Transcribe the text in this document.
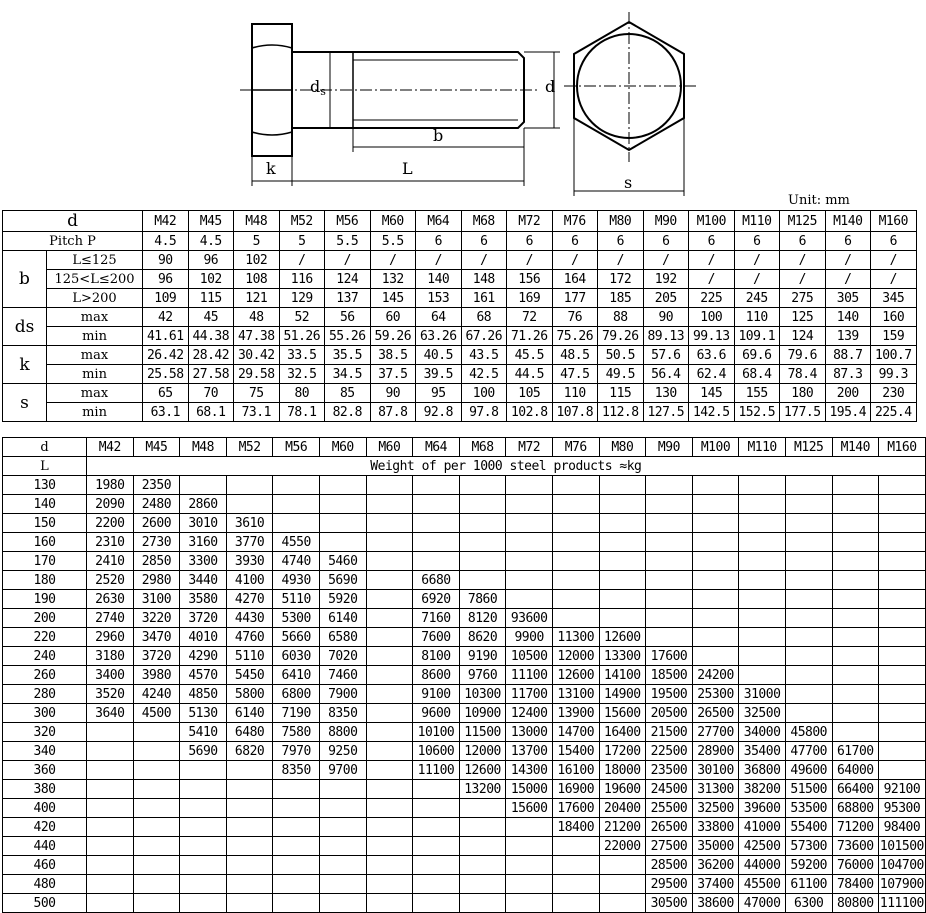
ds	d
b
k	L
s
Unit: mm
d		M42	M45	M48	M52	M56	M60	M64	M68	M72	M76	M80	M90	M100	M110	M125	M140	M160
Pitch P		4.5	4.5	5	5	5.5	5.5	6	6	6	6	6	6	6	6	6	6	6
b	L≤125	90	96	102	/	/	/	/	/	/	/	/	/	/	/	/	/	/
	125<L≤200	96	102	108	116	124	132	140	148	156	164	172	192	/	/	/	/	/
	L>200	109	115	121	129	137	145	153	161	169	177	185	205	225	245	275	305	345
ds	max	42	45	48	52	56	60	64	68	72	76	88	90	100	110	125	140	160
	min	41.61	44.38	47.38	51.26	55.26	59.26	63.26	67.26	71.26	75.26	79.26	89.13	99.13	109.1	124	139	159
k	max	26.42	28.42	30.42	33.5	35.5	38.5	40.5	43.5	45.5	48.5	50.5	57.6	63.6	69.6	79.6	88.7	100.7
	min	25.58	27.58	29.58	32.5	34.5	37.5	39.5	42.5	44.5	47.5	49.5	56.4	62.4	68.4	78.4	87.3	99.3
s	max	65	70	75	80	85	90	95	100	105	110	115	130	145	155	180	200	230
	min	63.1	68.1	73.1	78.1	82.8	87.8	92.8	97.8	102.8	107.8	112.8	127.5	142.5	152.5	177.5	195.4	225.4
d	M42	M45	M48	M52	M56	M60	M60	M64	M68	M72	M76	M80	M90	M100	M110	M125	M140	M160
L	Weight of per 1000 steel products ≈kg																	
130	1980	2350																
140	2090	2480	2860															
150	2200	2600	3010	3610														
160	2310	2730	3160	3770	4550													
170	2410	2850	3300	3930	4740	5460												
180	2520	2980	3440	4100	4930	5690		6680										
190	2630	3100	3580	4270	5110	5920		6920	7860									
200	2740	3220	3720	4430	5300	6140		7160	8120	93600								
220	2960	3470	4010	4760	5660	6580		7600	8620	9900	11300	12600						
240	3180	3720	4290	5110	6030	7020		8100	9190	10500	12000	13300	17600					
260	3400	3980	4570	5450	6410	7460		8600	9760	11100	12600	14100	18500	24200				
280	3520	4240	4850	5800	6800	7900		9100	10300	11700	13100	14900	19500	25300	31000			
300	3640	4500	5130	6140	7190	8350		9600	10900	12400	13900	15600	20500	26500	32500			
320			5410	6480	7580	8800		10100	11500	13000	14700	16400	21500	27700	34000	45800		
340			5690	6820	7970	9250		10600	12000	13700	15400	17200	22500	28900	35400	47700	61700	
360					8350	9700		11100	12600	14300	16100	18000	23500	30100	36800	49600	64000	
380									13200	15000	16900	19600	24500	31300	38200	51500	66400	92100
400										15600	17600	20400	25500	32500	39600	53500	68800	95300
420											18400	21200	26500	33800	41000	55400	71200	98400
440												22000	27500	35000	42500	57300	73600	101500
460													28500	36200	44000	59200	76000	104700
480													29500	37400	45500	61100	78400	107900
500													30500	38600	47000	6300	80800	111100
